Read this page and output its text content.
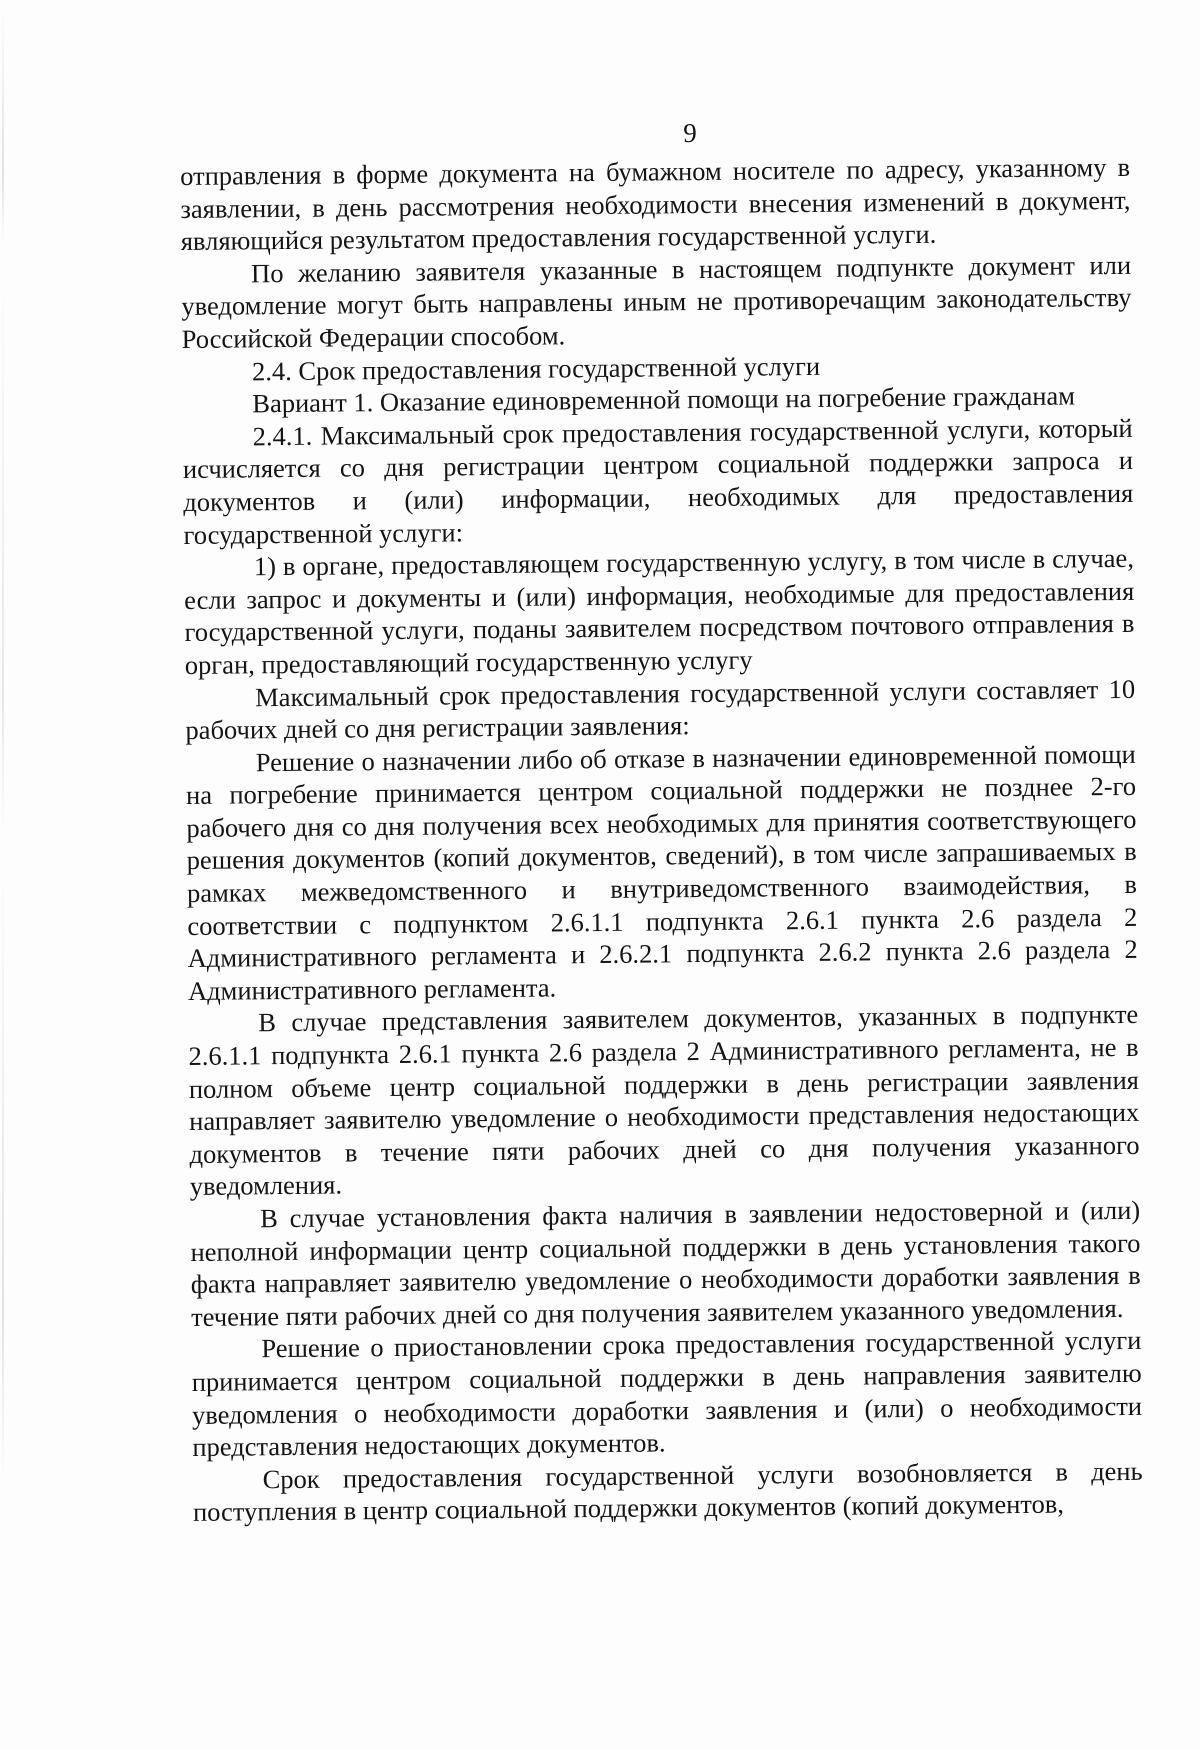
9

отправления в форме документа на бумажном носителе по адресу, указанному в заявлении, в день рассмотрения необходимости внесения изменений в документ, являющийся результатом предоставления государственной услуги.

По желанию заявителя указанные в настоящем подпункте документ или уведомление могут быть направлены иным не противоречащим законодательству Российской Федерации способом.

2.4. Срок предоставления государственной услуги

Вариант 1. Оказание единовременной помощи на погребение гражданам

2.4.1. Максимальный срок предоставления государственной услуги, который исчисляется со дня регистрации центром социальной поддержки запроса и документов и (или) информации, необходимых для предоставления государственной услуги:

1) в органе, предоставляющем государственную услугу, в том числе в случае, если запрос и документы и (или) информация, необходимые для предоставления государственной услуги, поданы заявителем посредством почтового отправления в орган, предоставляющий государственную услугу

Максимальный срок предоставления государственной услуги составляет 10 рабочих дней со дня регистрации заявления:

Решение о назначении либо об отказе в назначении единовременной помощи на погребение принимается центром социальной поддержки не позднее 2-го рабочего дня со дня получения всех необходимых для принятия соответствующего решения документов (копий документов, сведений), в том числе запрашиваемых в рамках межведомственного и внутриведомственного взаимодействия, в соответствии с подпунктом 2.6.1.1 подпункта 2.6.1 пункта 2.6 раздела 2 Административного регламента и 2.6.2.1 подпункта 2.6.2 пункта 2.6 раздела 2 Административного регламента.

В случае представления заявителем документов, указанных в подпункте 2.6.1.1 подпункта 2.6.1 пункта 2.6 раздела 2 Административного регламента, не в полном объеме центр социальной поддержки в день регистрации заявления направляет заявителю уведомление о необходимости представления недостающих документов в течение пяти рабочих дней со дня получения указанного уведомления.

В случае установления факта наличия в заявлении недостоверной и (или) неполной информации центр социальной поддержки в день установления такого факта направляет заявителю уведомление о необходимости доработки заявления в течение пяти рабочих дней со дня получения заявителем указанного уведомления.

Решение о приостановлении срока предоставления государственной услуги принимается центром социальной поддержки в день направления заявителю уведомления о необходимости доработки заявления и (или) о необходимости представления недостающих документов.

Срок предоставления государственной услуги возобновляется в день поступления в центр социальной поддержки документов (копий документов,
